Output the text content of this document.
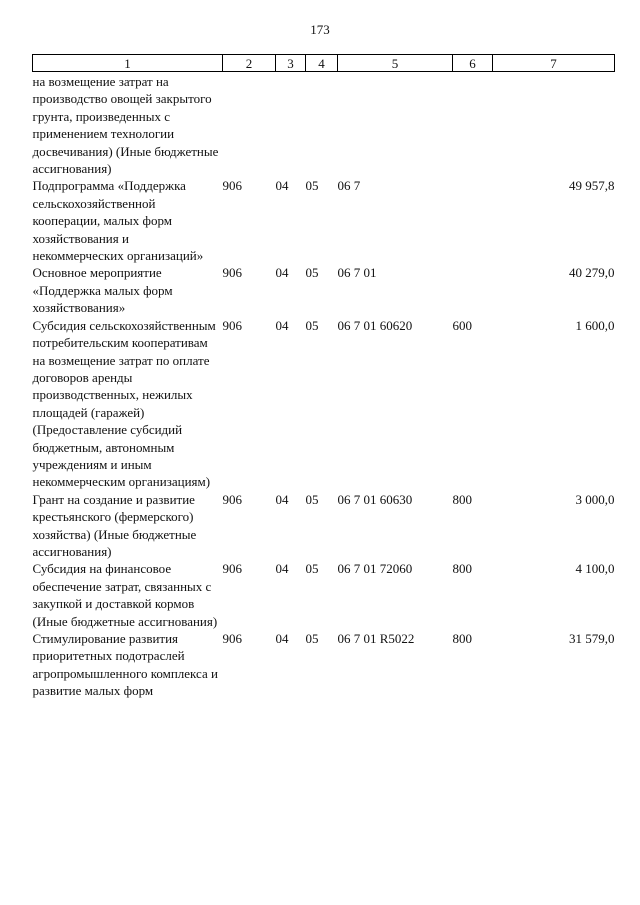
173
1	2	3	4	5	6	7
на возмещение затрат на производство овощей закрытого грунта, произведенных с применением технологии досвечивания) (Иные бюджетные ассигнования)						
Подпрограмма «Поддержка сельскохозяйственной кооперации, малых форм хозяйствования и некоммерческих организаций»	906	04	05	06 7		49 957,8
Основное мероприятие «Поддержка малых форм хозяйствования»	906	04	05	06 7 01		40 279,0
Субсидия сельскохозяйственным потребительским кооперативам на возмещение затрат по оплате договоров аренды производственных, нежилых площадей (гаражей) (Предоставление субсидий бюджетным, автономным учреждениям и иным некоммерческим организациям)	906	04	05	06 7 01 60620	600	1 600,0
Грант на создание и развитие крестьянского (фермерского) хозяйства) (Иные бюджетные ассигнования)	906	04	05	06 7 01 60630	800	3 000,0
Субсидия на финансовое обеспечение затрат, связанных с закупкой и доставкой кормов (Иные бюджетные ассигнования)	906	04	05	06 7 01 72060	800	4 100,0
Стимулирование развития приоритетных подотраслей агропромышленного комплекса и развитие малых форм	906	04	05	06 7 01 R5022	800	31 579,0
